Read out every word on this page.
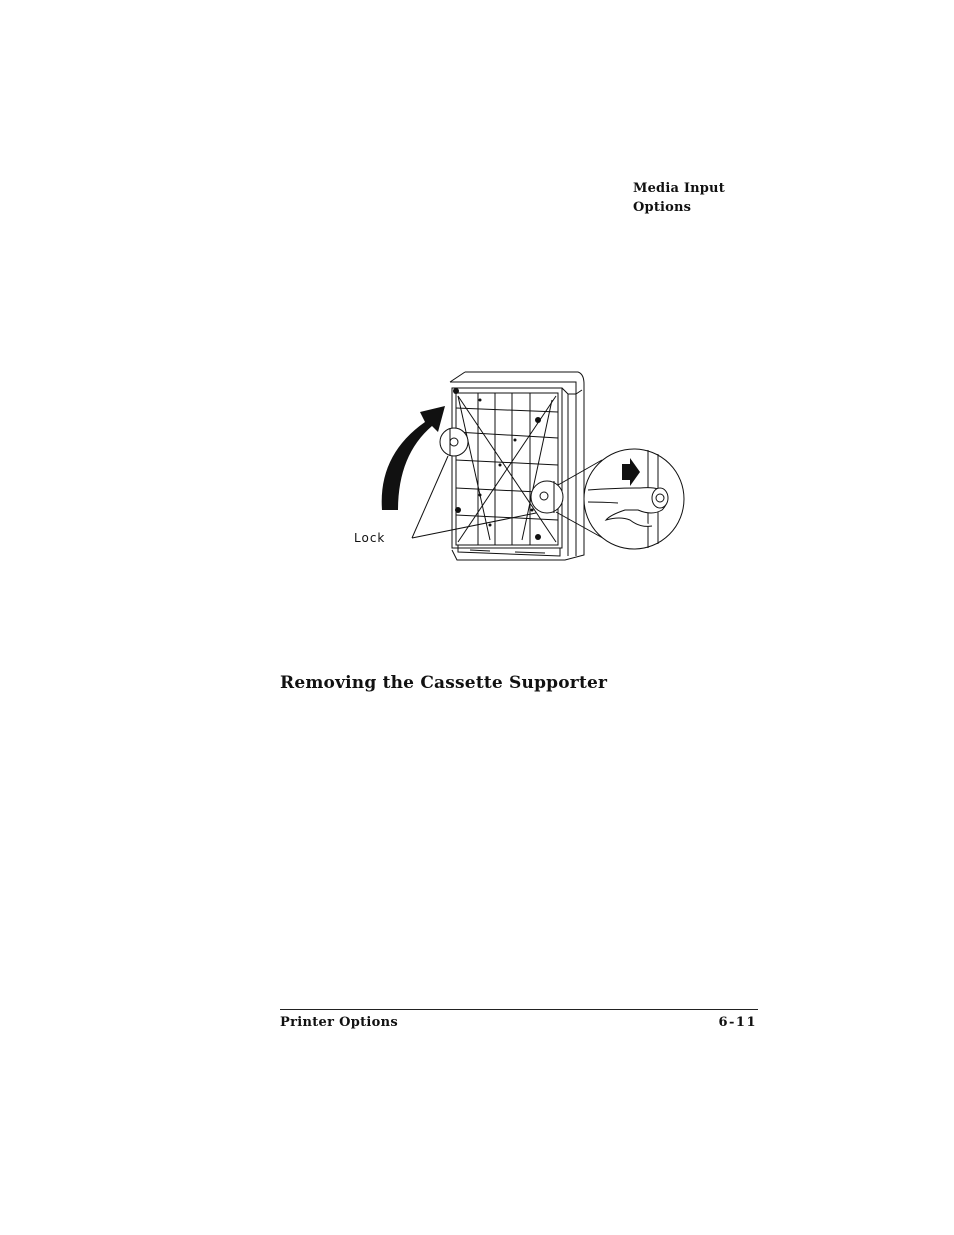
Media Input
Options
Lock
Removing the Cassette Supporter
Printer Options	6-11
